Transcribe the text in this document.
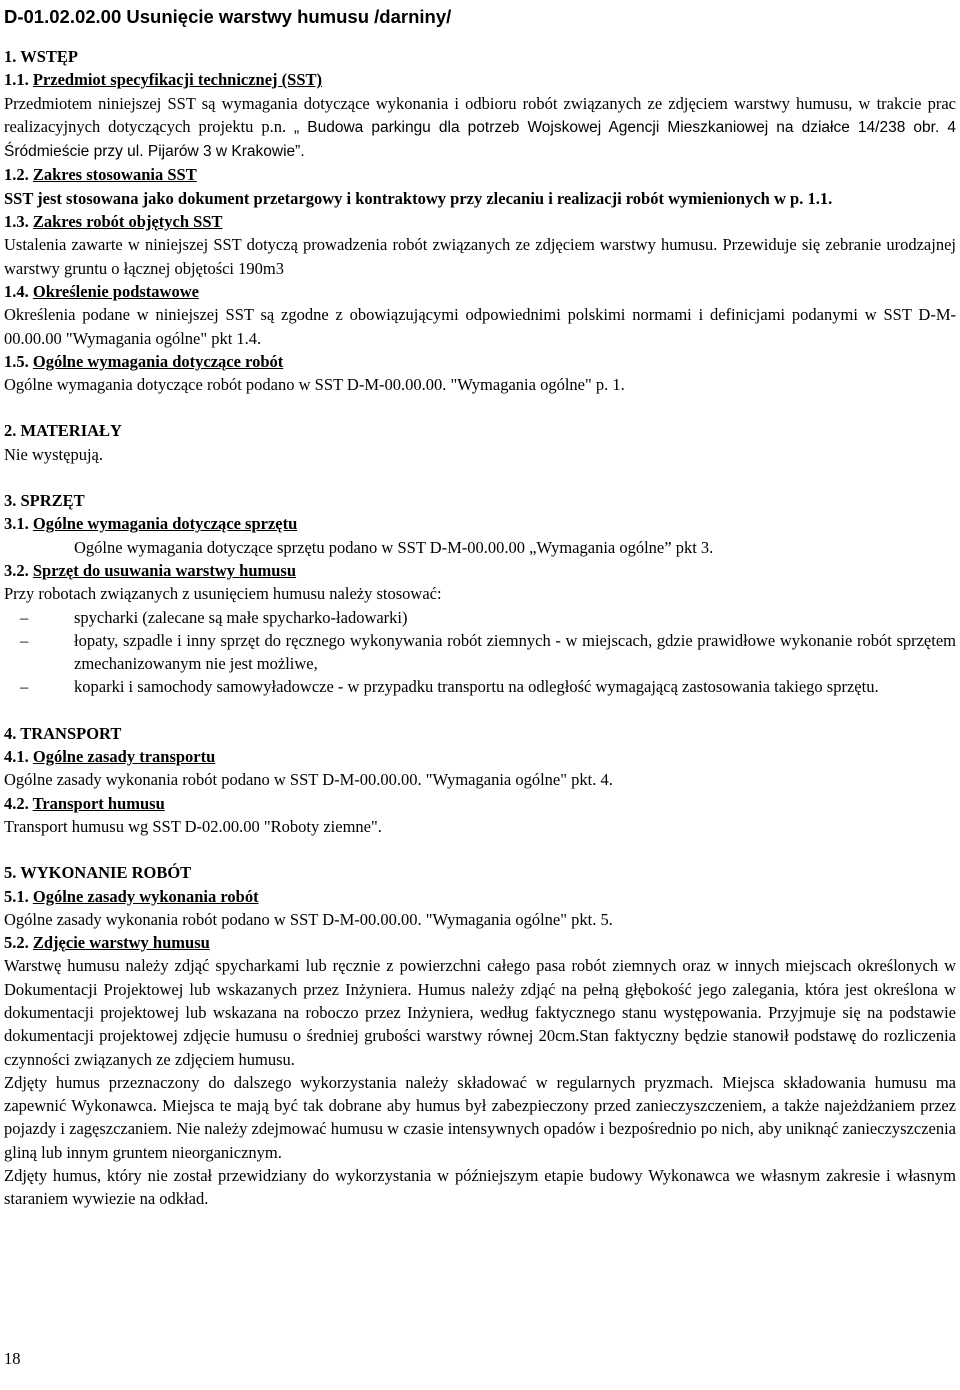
D-01.02.02.00 Usunięcie warstwy humusu /darniny/

1. WSTĘP

1.1. Przedmiot specyfikacji technicznej (SST)

Przedmiotem niniejszej SST są wymagania dotyczące wykonania i odbioru robót związanych ze zdjęciem warstwy humusu, w trakcie prac realizacyjnych dotyczących projektu p.n. „ Budowa parkingu dla potrzeb Wojskowej Agencji Mieszkaniowej na działce 14/238 obr. 4 Śródmieście przy ul. Pijarów 3 w Krakowie”.

1.2. Zakres stosowania SST

SST jest stosowana jako dokument przetargowy i kontraktowy przy zlecaniu i realizacji robót wymienionych w p. 1.1.

1.3. Zakres robót objętych SST

Ustalenia zawarte w niniejszej SST dotyczą prowadzenia robót związanych ze zdjęciem warstwy humusu. Przewiduje się zebranie urodzajnej warstwy gruntu o łącznej objętości 190m3

1.4. Określenie podstawowe

Określenia podane w niniejszej SST są zgodne z obowiązującymi odpowiednimi polskimi normami i definicjami podanymi w SST D-M-00.00.00 "Wymagania ogólne" pkt 1.4.

1.5. Ogólne wymagania dotyczące robót

Ogólne wymagania dotyczące robót podano w SST D-M-00.00.00. "Wymagania ogólne" p. 1.

2. MATERIAŁY

Nie występują.

3. SPRZĘT

3.1. Ogólne wymagania dotyczące sprzętu

Ogólne wymagania dotyczące sprzętu podano w SST D-M-00.00.00 „Wymagania ogólne” pkt 3.

3.2. Sprzęt do usuwania warstwy humusu

Przy robotach związanych z usunięciem humusu należy stosować:

–	spycharki (zalecane są małe spycharko-ładowarki)
–	łopaty, szpadle i inny sprzęt do ręcznego wykonywania robót ziemnych - w miejscach, gdzie prawidłowe wykonanie robót sprzętem zmechanizowanym nie jest możliwe,
–	koparki i samochody samowyładowcze - w przypadku transportu na odległość wymagającą zastosowania takiego sprzętu.

4. TRANSPORT

4.1. Ogólne zasady transportu

Ogólne zasady wykonania robót podano w SST D-M-00.00.00. "Wymagania ogólne" pkt. 4.

4.2. Transport humusu

Transport humusu wg SST D-02.00.00 "Roboty ziemne".

5. WYKONANIE ROBÓT

5.1. Ogólne zasady wykonania robót

Ogólne zasady wykonania robót podano w SST D-M-00.00.00. "Wymagania ogólne" pkt. 5.

5.2. Zdjęcie warstwy humusu

Warstwę humusu należy zdjąć spycharkami lub ręcznie z powierzchni całego pasa robót ziemnych oraz w innych miejscach określonych w Dokumentacji Projektowej lub wskazanych przez Inżyniera. Humus należy zdjąć na pełną głębokość jego zalegania, która jest określona w dokumentacji projektowej lub wskazana na roboczo przez Inżyniera, według faktycznego stanu występowania. Przyjmuje się na podstawie dokumentacji projektowej zdjęcie humusu o średniej grubości warstwy równej 20cm.Stan faktyczny będzie stanowił podstawę do rozliczenia czynności związanych ze zdjęciem humusu.

Zdjęty humus przeznaczony do dalszego wykorzystania należy składować w regularnych pryzmach. Miejsca składowania humusu ma zapewnić Wykonawca. Miejsca te mają być tak dobrane aby humus był zabezpieczony przed zanieczyszczeniem, a także najeżdżaniem przez pojazdy i zagęszczaniem. Nie należy zdejmować humusu w czasie intensywnych opadów i bezpośrednio po nich, aby uniknąć zanieczyszczenia gliną lub innym gruntem nieorganicznym.

Zdjęty humus, który nie został przewidziany do wykorzystania w późniejszym etapie budowy Wykonawca we własnym zakresie i własnym staraniem wywiezie na odkład.

18
